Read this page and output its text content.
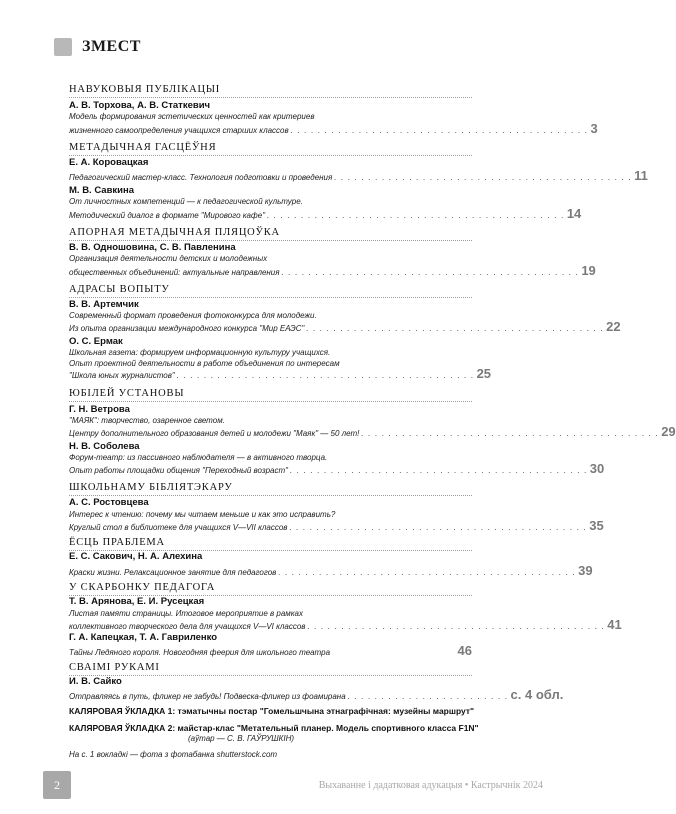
ЗМЕСТ
НАВУКОВЫЯ ПУБЛІКАЦЫІ
А. В. Торхова, А. В. Статкевич
Модель формирования эстетических ценностей как критериев
жизненного самоопределения учащихся старших классов . . . . . . . . . . . . . . . . . . . . . . . . . . . . . . . . . . . . . . . . . . . . 3
МЕТАДЫЧНАЯ ГАСЦЁЎНЯ
Е. А. Коровацкая
Педагогический мастер-класс. Технология подготовки и проведения . . . . . . . . . . . . . . . . . . . . . . . . . . . . . . . . . . . . . . . . . . . . 11
М. В. Савкина
От личностных компетенций — к педагогической культуре.
Методический диалог в формате "Мирового кафе" . . . . . . . . . . . . . . . . . . . . . . . . . . . . . . . . . . . . . . . . . . . . 14
АПОРНАЯ МЕТАДЫЧНАЯ ПЛЯЦОЎКА
В. В. Одношовина, С. В. Павленина
Организация деятельности детских и молодежных
общественных объединений: актуальные направления . . . . . . . . . . . . . . . . . . . . . . . . . . . . . . . . . . . . . . . . . . . . 19
АДРАСЫ ВОПЫТУ
В. В. Артемчик
Современный формат проведения фотоконкурса для молодежи.
Из опыта организации международного конкурса "Мир ЕАЭС" . . . . . . . . . . . . . . . . . . . . . . . . . . . . . . . . . . . . . . . . . . . . 22
О. С. Ермак
Школьная газета: формируем информационную культуру учащихся.
Опыт проектной деятельности в работе объединения по интересам
"Школа юных журналистов" . . . . . . . . . . . . . . . . . . . . . . . . . . . . . . . . . . . . . . . . . . . . 25
ЮБІЛЕЙ УСТАНОВЫ
Г. Н. Ветрова
"МАЯК": творчество, озаренное светом.
Центру дополнительного образования детей и молодежи "Маяк" — 50 лет! . . . . . . . . . . . . . . . . . . . . . . . . . . . . . . . . . . . . . . . . . . . . 29
Н. В. Соболева
Форум-театр: из пассивного наблюдателя — в активного творца.
Опыт работы площадки общения "Переходный возраст" . . . . . . . . . . . . . . . . . . . . . . . . . . . . . . . . . . . . . . . . . . . . 30
ШКОЛЬНАМУ БІБЛІЯТЭКАРУ
А. С. Ростовцева
Интерес к чтению: почему мы читаем меньше и как это исправить?
Круглый стол в библиотеке для учащихся V—VII классов . . . . . . . . . . . . . . . . . . . . . . . . . . . . . . . . . . . . . . . . . . . . 35
ЁСЦЬ ПРАБЛЕМА
Е. С. Сакович, Н. А. Алехина
Краски жизни. Релаксационное занятие для педагогов . . . . . . . . . . . . . . . . . . . . . . . . . . . . . . . . . . . . . . . . . . . . 39
У СКАРБОНКУ ПЕДАГОГА
Т. В. Арянова, Е. И. Русецкая
Листая памяти страницы. Итоговое мероприятие в рамках
коллективного творческого дела для учащихся V—VI классов . . . . . . . . . . . . . . . . . . . . . . . . . . . . . . . . . . . . . . . . . . . . 41
Г. А. Капецкая, Т. А. Гавриленко
Тайны Ледяного короля. Новогодняя феерия для школьного театра	46
СВАІМІ РУКАМІ
И. В. Сайко
Отправляясь в путь, фликер не забудь! Подвеска-фликер из фоамирана . . . . . . . . . . . . . . . . . . . . . . . . с. 4 обл.
КАЛЯРОВАЯ ЎКЛАДКА 1: тэматычны постар "Гомельшчына этнаграфічная: музейны маршрут"
КАЛЯРОВАЯ ЎКЛАДКА 2: майстар-клас "Метательный планер. Модель спортивного класса F1N"
(аўтар — С. В. ГАЎРУШКІН)
На с. 1 вокладкі — фота з фотабанка shutterstock.com
2	Выхаванне і дадатковая адукацыя • Кастрычнік 2024
